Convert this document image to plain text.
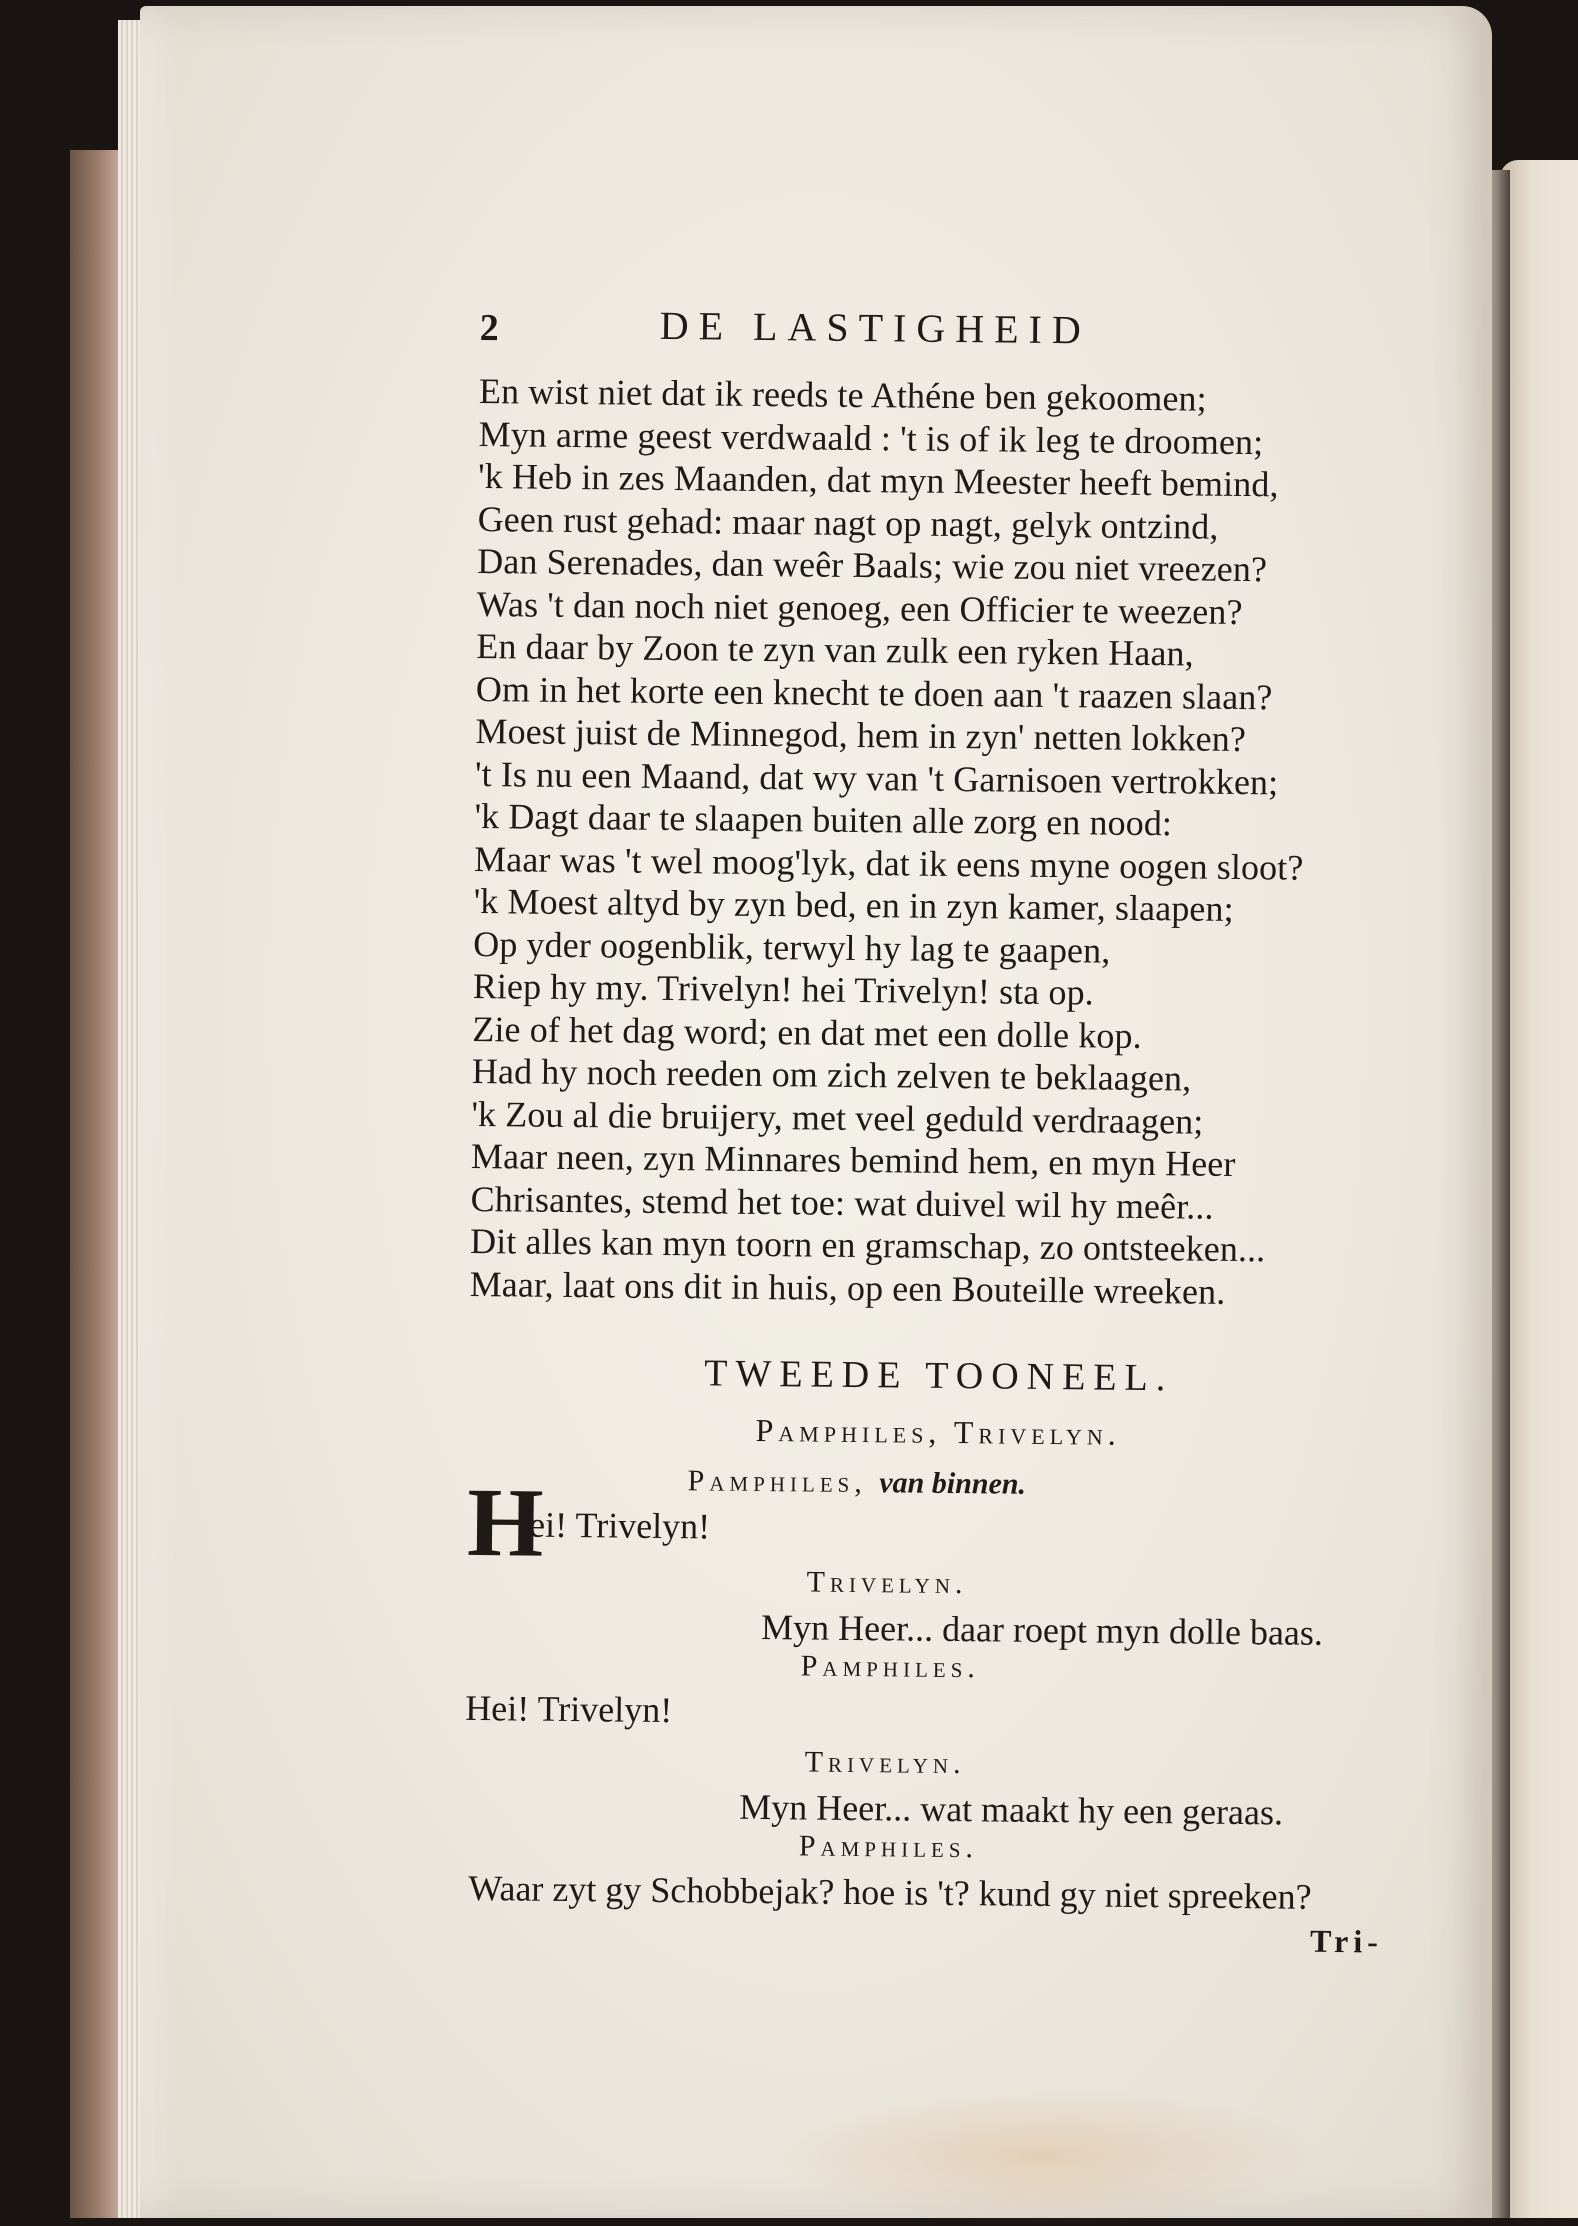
2	DE LASTIGHEID
En wist niet dat ik reeds te Athéne ben gekoomen;
Myn arme geest verdwaald : 't is of ik leg te droomen;
'k Heb in zes Maanden, dat myn Meester heeft bemind,
Geen rust gehad: maar nagt op nagt, gelyk ontzind,
Dan Serenades, dan weêr Baals; wie zou niet vreezen?
Was 't dan noch niet genoeg, een Officier te weezen?
En daar by Zoon te zyn van zulk een ryken Haan,
Om in het korte een knecht te doen aan 't raazen slaan?
Moest juist de Minnegod, hem in zyn' netten lokken?
't Is nu een Maand, dat wy van 't Garnisoen vertrokken;
'k Dagt daar te slaapen buiten alle zorg en nood:
Maar was 't wel moog'lyk, dat ik eens myne oogen sloot?
'k Moest altyd by zyn bed, en in zyn kamer, slaapen;
Op yder oogenblik, terwyl hy lag te gaapen,
Riep hy my. Trivelyn! hei Trivelyn! sta op.
Zie of het dag word; en dat met een dolle kop.
Had hy noch reeden om zich zelven te beklaagen,
'k Zou al die bruijery, met veel geduld verdraagen;
Maar neen, zyn Minnares bemind hem, en myn Heer
Chrisantes, stemd het toe: wat duivel wil hy meêr...
Dit alles kan myn toorn en gramschap, zo ontsteeken...
Maar, laat ons dit in huis, op een Bouteille wreeken.
TWEEDE TOONEEL.
Pamphiles, Trivelyn.
H	Pamphiles, van binnen.
ei! Trivelyn!
Trivelyn.
Myn Heer... daar roept myn dolle baas.
Pamphiles.
Hei! Trivelyn!
Trivelyn.
Myn Heer... wat maakt hy een geraas.
Pamphiles.
Waar zyt gy Schobbejak? hoe is 't? kund gy niet spreeken?
Tri-
